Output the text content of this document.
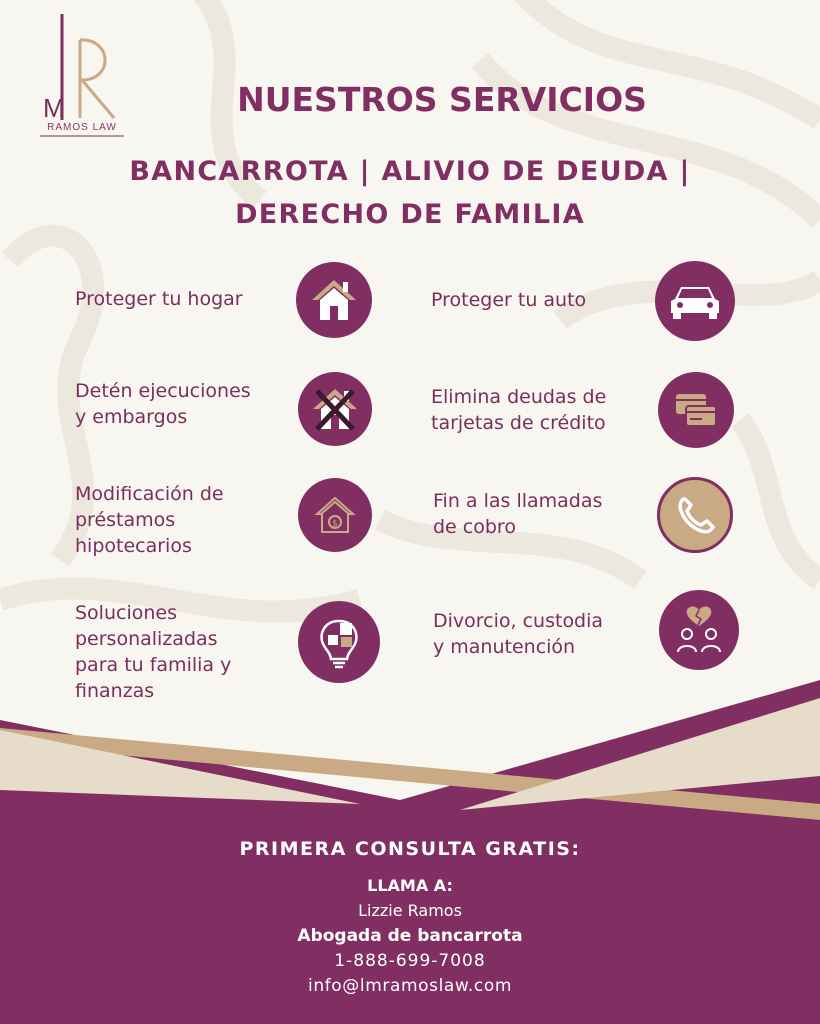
M
RAMOS LAW
NUESTROS SERVICIOS
BANCARROTA | ALIVIO DE DEUDA |
DERECHO DE FAMILIA
Proteger tu hogar
Detén ejecuciones
y embargos
Modificación de
préstamos
hipotecarios
Soluciones
personalizadas
para tu familia y
finanzas
Proteger tu auto
Elimina deudas de
tarjetas de crédito
Fin a las llamadas
de cobro
Divorcio, custodia
y manutención
$
PRIMERA CONSULTA GRATIS:
LLAMA A:
Lizzie Ramos
Abogada de bancarrota
1-888-699-7008
info@lmramoslaw.com
